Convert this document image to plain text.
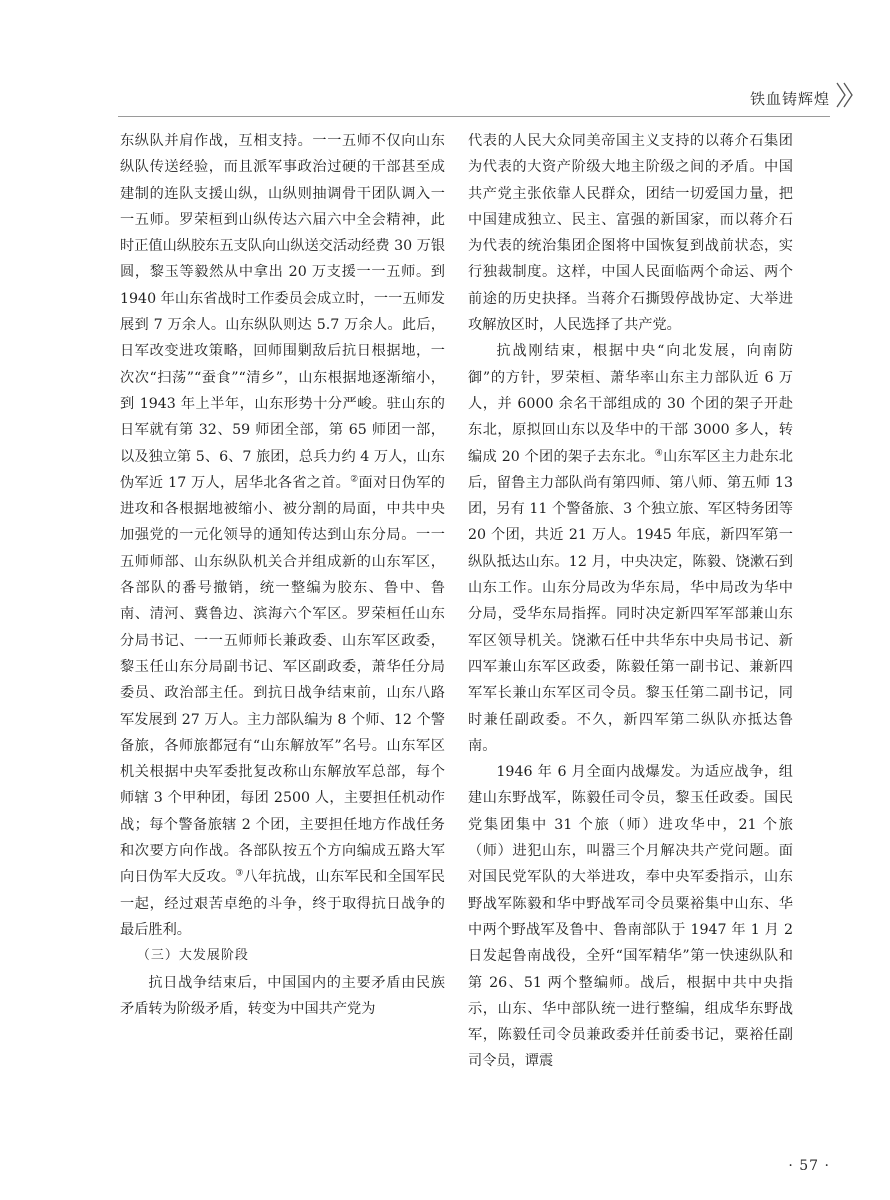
铁血铸辉煌

东纵队并肩作战，互相支持。一一五师不仅向山东纵队传送经验，而且派军事政治过硬的干部甚至成建制的连队支援山纵，山纵则抽调骨干团队调入一一五师。罗荣桓到山纵传达六届六中全会精神，此时正值山纵胶东五支队向山纵送交活动经费 30 万银圆，黎玉等毅然从中拿出 20 万支援一一五师。到 1940 年山东省战时工作委员会成立时，一一五师发展到 7 万余人。山东纵队则达 5.7 万余人。此后，日军改变进攻策略，回师围剿敌后抗日根据地，一次次“扫荡”“蚕食”“清乡”，山东根据地逐渐缩小，到 1943 年上半年，山东形势十分严峻。驻山东的日军就有第 32、59 师团全部，第 65 师团一部，以及独立第 5、6、7 旅团，总兵力约 4 万人，山东伪军近 17 万人，居华北各省之首。②面对日伪军的进攻和各根据地被缩小、被分割的局面，中共中央加强党的一元化领导的通知传达到山东分局。一一五师师部、山东纵队机关合并组成新的山东军区，各部队的番号撤销，统一整编为胶东、鲁中、鲁南、清河、冀鲁边、滨海六个军区。罗荣桓任山东分局书记、一一五师师长兼政委、山东军区政委，黎玉任山东分局副书记、军区副政委，萧华任分局委员、政治部主任。到抗日战争结束前，山东八路军发展到 27 万人。主力部队编为 8 个师、12 个警备旅，各师旅都冠有“山东解放军”名号。山东军区机关根据中央军委批复改称山东解放军总部，每个师辖 3 个甲种团，每团 2500 人，主要担任机动作战；每个警备旅辖 2 个团，主要担任地方作战任务和次要方向作战。各部队按五个方向编成五路大军向日伪军大反攻。③八年抗战，山东军民和全国军民一起，经过艰苦卓绝的斗争，终于取得抗日战争的最后胜利。

（三）大发展阶段

抗日战争结束后，中国国内的主要矛盾由民族矛盾转为阶级矛盾，转变为中国共产党为

代表的人民大众同美帝国主义支持的以蒋介石集团为代表的大资产阶级大地主阶级之间的矛盾。中国共产党主张依靠人民群众，团结一切爱国力量，把中国建成独立、民主、富强的新国家，而以蒋介石为代表的统治集团企图将中国恢复到战前状态，实行独裁制度。这样，中国人民面临两个命运、两个前途的历史抉择。当蒋介石撕毁停战协定、大举进攻解放区时，人民选择了共产党。

抗战刚结束，根据中央“向北发展，向南防御”的方针，罗荣桓、萧华率山东主力部队近 6 万人，并 6000 余名干部组成的 30 个团的架子开赴东北，原拟回山东以及华中的干部 3000 多人，转编成 20 个团的架子去东北。④山东军区主力赴东北后，留鲁主力部队尚有第四师、第八师、第五师 13 团，另有 11 个警备旅、3 个独立旅、军区特务团等 20 个团，共近 21 万人。1945 年底，新四军第一纵队抵达山东。12 月，中央决定，陈毅、饶漱石到山东工作。山东分局改为华东局，华中局改为华中分局，受华东局指挥。同时决定新四军军部兼山东军区领导机关。饶漱石任中共华东中央局书记、新四军兼山东军区政委，陈毅任第一副书记、兼新四军军长兼山东军区司令员。黎玉任第二副书记，同时兼任副政委。不久，新四军第二纵队亦抵达鲁南。

1946 年 6 月全面内战爆发。为适应战争，组建山东野战军，陈毅任司令员，黎玉任政委。国民党集团集中 31 个旅（师）进攻华中，21 个旅（师）进犯山东，叫嚣三个月解决共产党问题。面对国民党军队的大举进攻，奉中央军委指示，山东野战军陈毅和华中野战军司令员粟裕集中山东、华中两个野战军及鲁中、鲁南部队于 1947 年 1 月 2 日发起鲁南战役，全歼“国军精华”第一快速纵队和第 26、51 两个整编师。战后，根据中共中央指示，山东、华中部队统一进行整编，组成华东野战军，陈毅任司令员兼政委并任前委书记，粟裕任副司令员，谭震

· 57 ·
